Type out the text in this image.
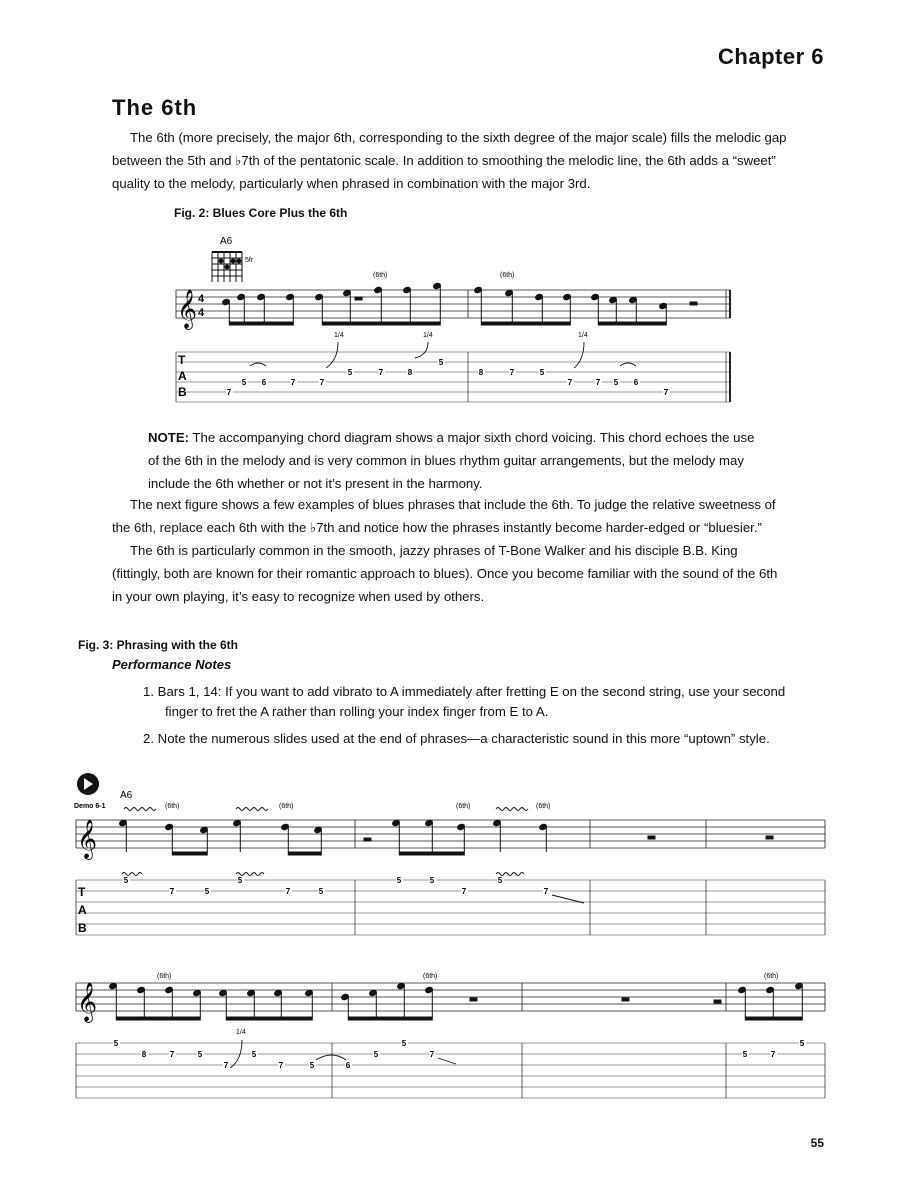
Chapter 6
The 6th
The 6th (more precisely, the major 6th, corresponding to the sixth degree of the major scale) fills the melodic gap between the 5th and ♭7th of the pentatonic scale. In addition to smoothing the melodic line, the 6th adds a “sweet” quality to the melody, particularly when phrased in combination with the major 3rd.
Fig. 2: Blues Core Plus the 6th
A6
5fr
𝄞 4
4
(6th)	(6th)
T
A
B	7
5 6	7	7
5	7	8
5
8	7	5
7	7 5 6
7
1/4	1/4	1/4
NOTE: The accompanying chord diagram shows a major sixth chord voicing. This chord echoes the use of the 6th in the melody and is very common in blues rhythm guitar arrangements, but the melody may include the 6th whether or not it’s present in the harmony.
The next figure shows a few examples of blues phrases that include the 6th. To judge the relative sweetness of the 6th, replace each 6th with the ♭7th and notice how the phrases instantly become harder-edged or “bluesier.”
The 6th is particularly common in the smooth, jazzy phrases of T-Bone Walker and his disciple B.B. King (fittingly, both are known for their romantic approach to blues). Once you become familiar with the sound of the 6th in your own playing, it’s easy to recognize when used by others.
Fig. 3: Phrasing with the 6th
Performance Notes
1. Bars 1, 14: If you want to add vibrato to A immediately after fretting E on the second string, use your second finger to fret the A rather than rolling your index finger from E to A.
2. Note the numerous slides used at the end of phrases—a characteristic sound in this more “uptown” style.
Demo 6-1
A6
𝄞
(6th)	(6th)	(6th)	(6th)
T
A
B
5
7	5
5
7	5
5	5
7
5
7
𝄞
(6th)	(6th)	(6th)
1/4
5
8	7	5
7
5
7	5	6
5
5
7	5	7
5
55
